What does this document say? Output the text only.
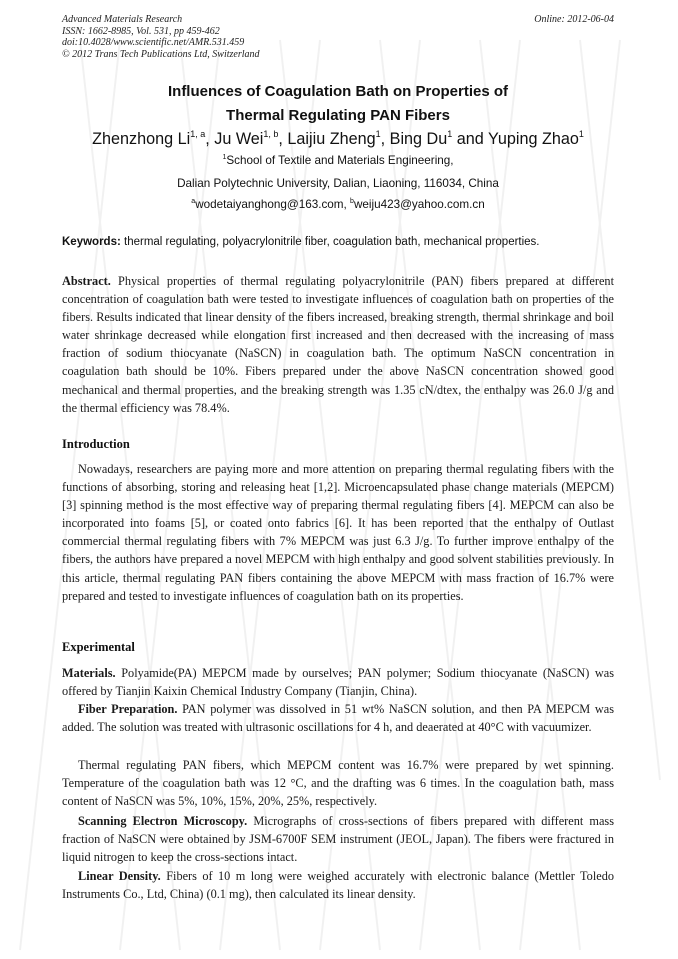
Advanced Materials Research
ISSN: 1662-8985, Vol. 531, pp 459-462
doi:10.4028/www.scientific.net/AMR.531.459
© 2012 Trans Tech Publications Ltd, Switzerland
Online: 2012-06-04
Influences of Coagulation Bath on Properties of
Thermal Regulating PAN Fibers
Zhenzhong Li$^{1, a}$, Ju Wei$^{1, b}$, Laijiu Zheng$^1$, Bing Du$^1$ and Yuping Zhao$^1$
$^1$School of Textile and Materials Engineering,
Dalian Polytechnic University, Dalian, Liaoning, 116034, China
$^a$wodetaiyanghong@163.com, $^b$weiju423@yahoo.com.cn
Keywords: thermal regulating, polyacrylonitrile fiber, coagulation bath, mechanical properties.
Abstract. Physical properties of thermal regulating polyacrylonitrile (PAN) fibers prepared at different concentration of coagulation bath were tested to investigate influences of coagulation bath on properties of the fibers. Results indicated that linear density of the fibers increased, breaking strength, thermal shrinkage and boil water shrinkage decreased while elongation first increased and then decreased with the increasing of mass fraction of sodium thiocyanate (NaSCN) in coagulation bath. The optimum NaSCN concentration in coagulation bath should be 10%. Fibers prepared under the above NaSCN concentration showed good mechanical and thermal properties, and the breaking strength was 1.35 cN/dtex, the enthalpy was 26.0 J/g and the thermal efficiency was 78.4%.
Introduction
Nowadays, researchers are paying more and more attention on preparing thermal regulating fibers with the functions of absorbing, storing and releasing heat [1,2]. Microencapsulated phase change materials (MEPCM) [3] spinning method is the most effective way of preparing thermal regulating fibers [4]. MEPCM can also be incorporated into foams [5], or coated onto fabrics [6]. It has been reported that the enthalpy of Outlast commercial thermal regulating fibers with 7% MEPCM was just 6.3 J/g. To further improve enthalpy of the fibers, the authors have prepared a novel MEPCM with high enthalpy and good solvent stabilities previously. In this article, thermal regulating PAN fibers containing the above MEPCM with mass fraction of 16.7% were prepared and tested to investigate influences of coagulation bath on its properties.
Experimental
Materials. Polyamide(PA) MEPCM made by ourselves; PAN polymer; Sodium thiocyanate (NaSCN) was offered by Tianjin Kaixin Chemical Industry Company (Tianjin, China).
Fiber Preparation. PAN polymer was dissolved in 51 wt% NaSCN solution, and then PA MEPCM was added. The solution was treated with ultrasonic oscillations for 4 h, and deaerated at 40°C with vacuumizer.
Thermal regulating PAN fibers, which MEPCM content was 16.7% were prepared by wet spinning. Temperature of the coagulation bath was 12 °C, and the drafting was 6 times. In the coagulation bath, mass content of NaSCN was 5%, 10%, 15%, 20%, 25%, respectively.
Scanning Electron Microscopy. Micrographs of cross-sections of fibers prepared with different mass fraction of NaSCN were obtained by JSM-6700F SEM instrument (JEOL, Japan). The fibers were fractured in liquid nitrogen to keep the cross-sections intact.
Linear Density. Fibers of 10 m long were weighed accurately with electronic balance (Mettler Toledo Instruments Co., Ltd, China) (0.1 mg), then calculated its linear density.
